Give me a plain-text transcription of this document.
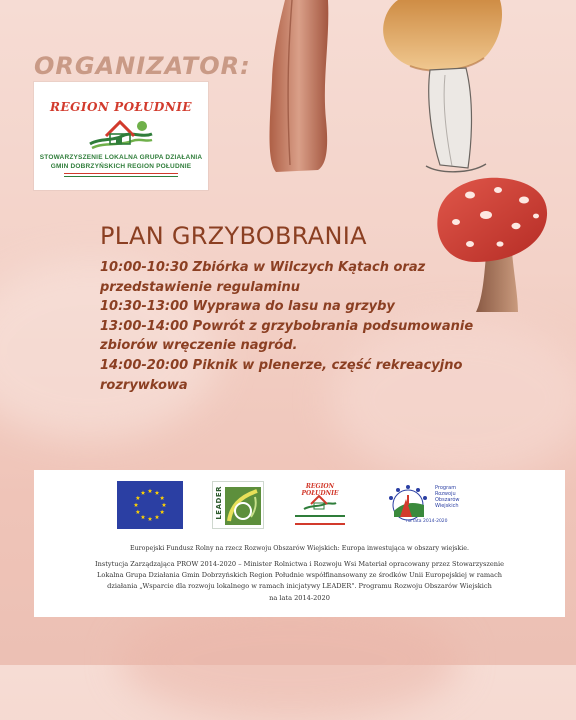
ORGANIZATOR:
REGION POŁUDNIE
STOWARZYSZENIE LOKALNA GRUPA DZIAŁANIA
GMIN DOBRZYŃSKICH REGION POŁUDNIE
PLAN GRZYBOBRANIA

10:00-10:30 Zbiórka w Wilczych Kątach oraz

przedstawienie regulaminu

10:30-13:00 Wyprawa do lasu na grzyby

13:00-14:00 Powrót z grzybobrania podsumowanie

zbiorów wręczenie nagród.

14:00-20:00 Piknik w plenerze, część rekreacyjno

rozrywkowa

LEADER	REGION POŁUDNIE
Program
Rozwoju
Obszarów
Wiejskich
na lata 2014-2020
Europejski Fundusz Rolny na rzecz Rozwoju Obszarów Wiejskich: Europa inwestująca w obszary wiejskie.
Instytucja Zarządzająca PROW 2014-2020 – Minister Rolnictwa i Rozwoju Wsi Materiał opracowany przez Stowarzyszenie
Lokalna Grupa Działania Gmin Dobrzyńskich Region Południe współfinansowany ze środków Unii Europejskiej w ramach
działania „Wsparcie dla rozwoju lokalnego w ramach inicjatywy LEADER". Programu Rozwoju Obszarów Wiejskich
na lata 2014-2020
